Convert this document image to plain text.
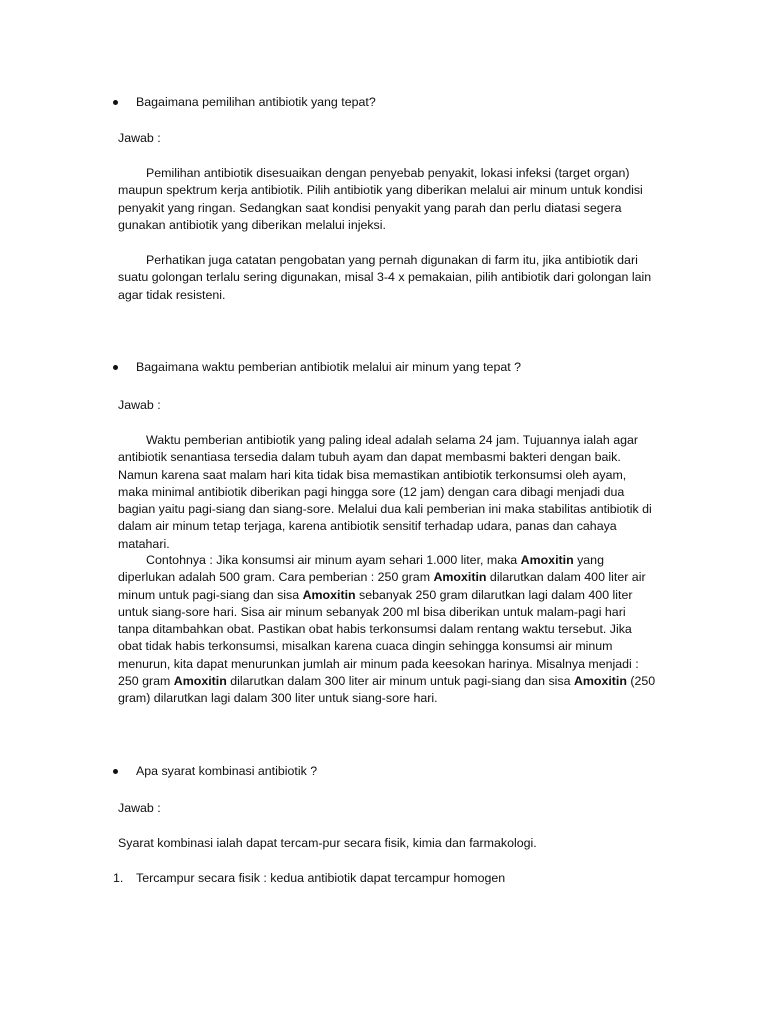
Bagaimana pemilihan antibiotik yang tepat?

Jawab :

Pemilihan antibiotik disesuaikan dengan penyebab penyakit, lokasi infeksi (target organ) maupun spektrum kerja antibiotik. Pilih antibiotik yang diberikan melalui air minum untuk kondisi penyakit yang ringan. Sedangkan saat kondisi penyakit yang parah dan perlu diatasi segera gunakan antibiotik yang diberikan melalui injeksi.

Perhatikan juga catatan pengobatan yang pernah digunakan di farm itu, jika antibiotik dari suatu golongan terlalu sering digunakan, misal 3-4 x pemakaian, pilih antibiotik dari golongan lain agar tidak resisteni.

Bagaimana waktu pemberian antibiotik melalui air minum yang tepat ?

Jawab :

Waktu pemberian antibiotik yang paling ideal adalah selama 24 jam. Tujuannya ialah agar antibiotik senantiasa tersedia dalam tubuh ayam dan dapat membasmi bakteri dengan baik. Namun karena saat malam hari kita tidak bisa memastikan antibiotik terkonsumsi oleh ayam, maka minimal antibiotik diberikan pagi hingga sore (12 jam) dengan cara dibagi menjadi dua bagian yaitu pagi-siang dan siang-sore. Melalui dua kali pemberian ini maka stabilitas antibiotik di dalam air minum tetap terjaga, karena antibiotik sensitif terhadap udara, panas dan cahaya matahari.

Contohnya : Jika konsumsi air minum ayam sehari 1.000 liter, maka Amoxitin yang diperlukan adalah 500 gram. Cara pemberian : 250 gram Amoxitin dilarutkan dalam 400 liter air minum untuk pagi-siang dan sisa Amoxitin sebanyak 250 gram dilarutkan lagi dalam 400 liter untuk siang-sore hari. Sisa air minum sebanyak 200 ml bisa diberikan untuk malam-pagi hari tanpa ditambahkan obat. Pastikan obat habis terkonsumsi dalam rentang waktu tersebut. Jika obat tidak habis terkonsumsi, misalkan karena cuaca dingin sehingga konsumsi air minum menurun, kita dapat menurunkan jumlah air minum pada keesokan harinya. Misalnya menjadi : 250 gram Amoxitin dilarutkan dalam 300 liter air minum untuk pagi-siang dan sisa Amoxitin (250 gram) dilarutkan lagi dalam 300 liter untuk siang-sore hari.

Apa syarat kombinasi antibiotik ?

Jawab :

Syarat kombinasi ialah dapat tercam-pur secara fisik, kimia dan farmakologi.

1. Tercampur secara fisik : kedua antibiotik dapat tercampur homogen
